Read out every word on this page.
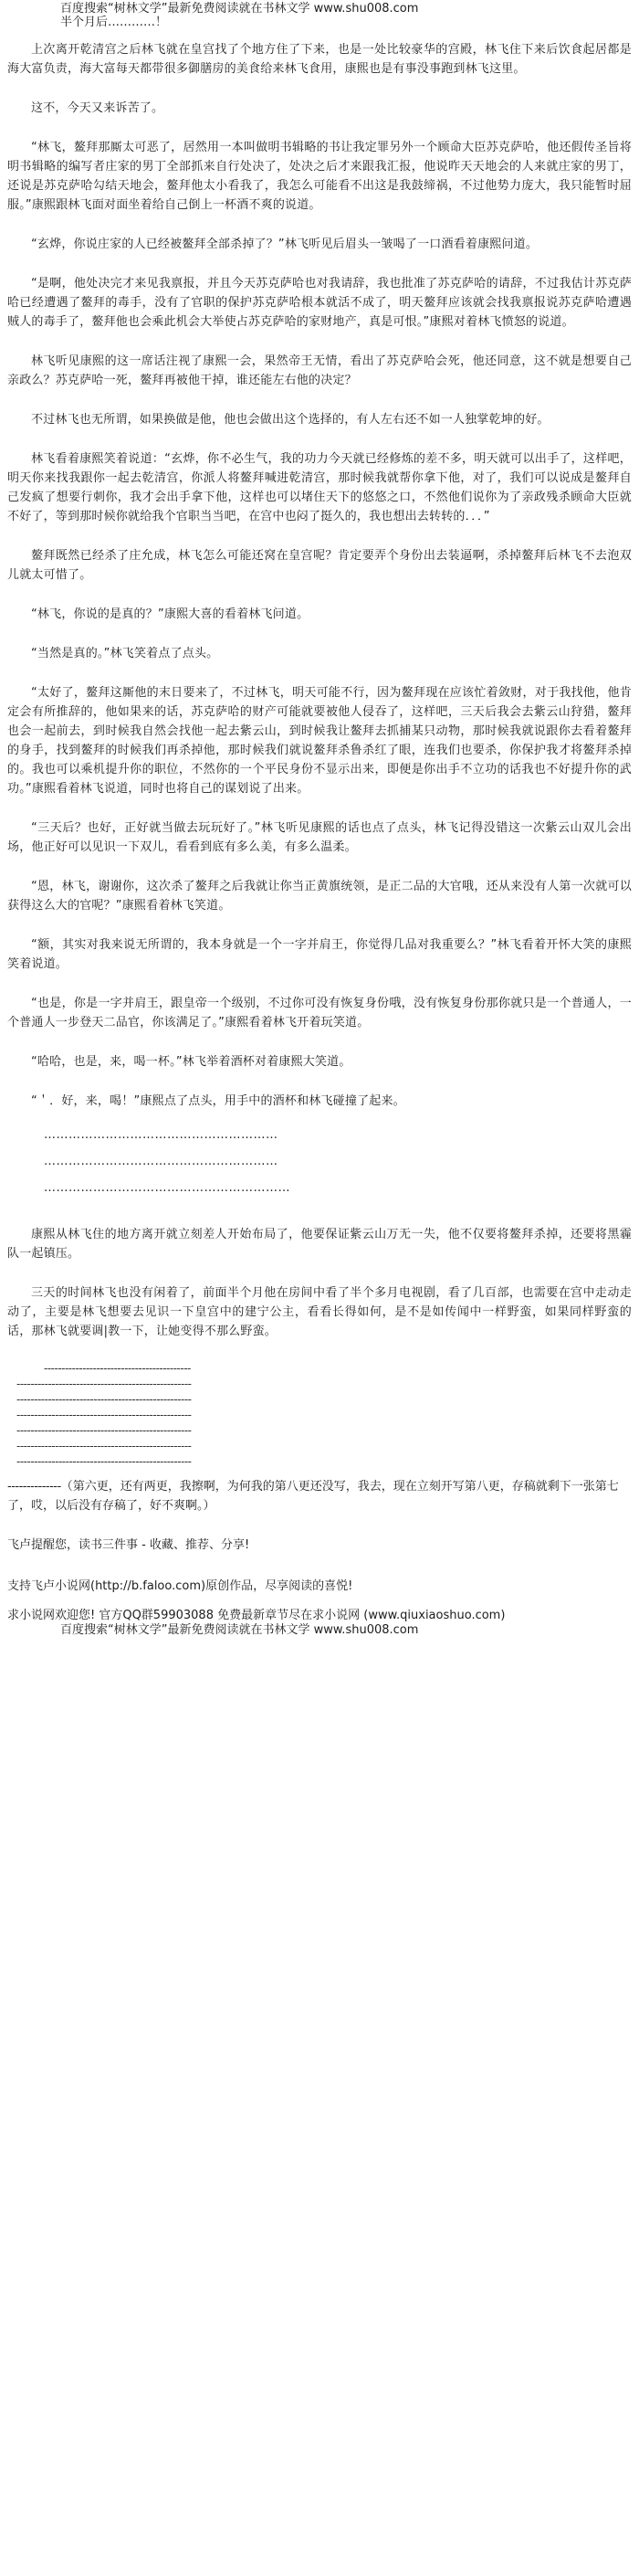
百度搜索“树林文学”最新免费阅读就在书林文学 www.shu008.com
半个月后…………！

上次离开乾清宫之后林飞就在皇宫找了个地方住了下来，也是一处比较豪华的宫殿，林飞住下来后饮食起居都是海大富负责，海大富每天都带很多御膳房的美食给来林飞食用，康熙也是有事没事跑到林飞这里。

这不，今天又来诉苦了。

“林飞，鳌拜那厮太可恶了，居然用一本叫做明书辑略的书让我定罪另外一个顾命大臣苏克萨哈，他还假传圣旨将明书辑略的编写者庄家的男丁全部抓来自行处决了，处决之后才来跟我汇报，他说昨天天地会的人来就庄家的男丁，还说是苏克萨哈勾结天地会，鳌拜他太小看我了，我怎么可能看不出这是我鼓缔祸，不过他势力庞大，我只能暂时屈服。”康熙跟林飞面对面坐着给自己倒上一杯酒不爽的说道。

“玄烨，你说庄家的人已经被鳌拜全部杀掉了？”林飞听见后眉头一皱喝了一口酒看着康熙问道。

“是啊，他处决完才来见我禀报，并且今天苏克萨哈也对我请辞，我也批准了苏克萨哈的请辞，不过我估计苏克萨哈已经遭遇了鳌拜的毒手，没有了官职的保护苏克萨哈根本就活不成了，明天鳌拜应该就会找我禀报说苏克萨哈遭遇贼人的毒手了，鳌拜他也会乘此机会大举使占苏克萨哈的家财地产，真是可恨。”康熙对着林飞愤怒的说道。

林飞听见康熙的这一席话注视了康熙一会，果然帝王无情，看出了苏克萨哈会死，他还同意，这不就是想要自己亲政么？苏克萨哈一死，鳌拜再被他干掉，谁还能左右他的决定？

不过林飞也无所谓，如果换做是他，他也会做出这个选择的，有人左右还不如一人独掌乾坤的好。

林飞看着康熙笑着说道：“玄烨，你不必生气，我的功力今天就已经修炼的差不多，明天就可以出手了，这样吧，明天你来找我跟你一起去乾清宫，你派人将鳌拜喊进乾清宫，那时候我就帮你拿下他，对了，我们可以说成是鳌拜自己发疯了想要行刺你，我才会出手拿下他，这样也可以堵住天下的悠悠之口，不然他们说你为了亲政残杀顾命大臣就不好了，等到那时候你就给我个官职当当吧，在宫中也闷了挺久的，我也想出去转转的．．．”

鳌拜既然已经杀了庄允成，林飞怎么可能还窝在皇宫呢？肯定要弄个身份出去装逼啊，杀掉鳌拜后林飞不去泡双儿就太可惜了。

“林飞，你说的是真的？”康熙大喜的看着林飞问道。

“当然是真的。”林飞笑着点了点头。

“太好了，鳌拜这厮他的末日要来了，不过林飞，明天可能不行，因为鳌拜现在应该忙着敛财，对于我找他，他肯定会有所推辞的，他如果来的话，苏克萨哈的财产可能就要被他人侵吞了，这样吧，三天后我会去紫云山狩猎，鳌拜也会一起前去，到时候我自然会找他一起去紫云山，到时候我让鳌拜去抓捕某只动物，那时候我就说跟你去看着鳌拜的身手，找到鳌拜的时候我们再杀掉他，那时候我们就说鳌拜杀鲁杀红了眼，连我们也要杀，你保护我才将鳌拜杀掉的。我也可以乘机提升你的职位，不然你的一个平民身份不显示出来，即便是你出手不立功的话我也不好提升你的武功。”康熙看着林飞说道，同时也将自己的谋划说了出来。

“三天后？也好，正好就当做去玩玩好了。”林飞听见康熙的话也点了点头，林飞记得没错这一次紫云山双儿会出场，他正好可以见识一下双儿，看看到底有多么美，有多么温柔。

“恩，林飞，谢谢你，这次杀了鳌拜之后我就让你当正黄旗统领，是正二品的大官哦，还从来没有人第一次就可以获得这么大的官呢？”康熙看着林飞笑道。

“额，其实对我来说无所谓的，我本身就是一个一字并肩王，你觉得几品对我重要么？”林飞看着开怀大笑的康熙笑着说道。

“也是，你是一字并肩王，跟皇帝一个级别，不过你可没有恢复身份哦，没有恢复身份那你就只是一个普通人，一个普通人一步登天二品官，你该满足了。”康熙看着林飞开着玩笑道。

“哈哈，也是，来，喝一杯。”林飞举着酒杯对着康熙大笑道。

“＇．好，来，喝！”康熙点了点头，用手中的酒杯和林飞碰撞了起来。

…………………………………………………
…………………………………………………
……………………………………………………

康熙从林飞住的地方离开就立刻差人开始布局了，他要保证紫云山万无一失，他不仅要将鳌拜杀掉，还要将黑霾队一起镇压。

三天的时间林飞也没有闲着了，前面半个月他在房间中看了半个多月电视剧，看了几百部，也需要在宫中走动走动了，主要是林飞想要去见识一下皇宫中的建宁公主，看看长得如何，是不是如传闻中一样野蛮，如果同样野蛮的话，那林飞就要调|教一下，让她变得不那么野蛮。

------------------------------------------
--------------------------------------------------
--------------------------------------------------
--------------------------------------------------
--------------------------------------------------
--------------------------------------------------
--------------------------------------------------

--------------（第六更，还有两更，我擦啊，为何我的第八更还没写，我去，现在立刻开写第八更，存稿就剩下一张第七了，哎，以后没有存稿了，好不爽啊。）

飞卢提醒您，读书三件事 - 收藏、推荐、分享!

支持飞卢小说网(http://b.faloo.com)原创作品，尽享阅读的喜悦!

求小说网欢迎您! 官方QQ群59903088 免费最新章节尽在求小说网 (www.qiuxiaoshuo.com)
百度搜索“树林文学”最新免费阅读就在书林文学 www.shu008.com
